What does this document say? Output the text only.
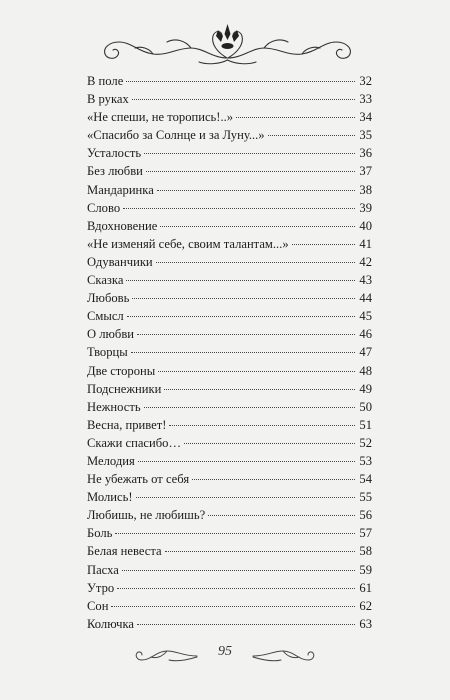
В поле	32
В руках	33
«Не спеши, не торопись!..»	34
«Спасибо за Солнце и за Луну...»	35
Усталость	36
Без любви	37
Мандаринка	38
Слово	39
Вдохновение	40
«Не изменяй себе, своим талантам...»	41
Одуванчики	42
Сказка	43
Любовь	44
Смысл	45
О любви	46
Творцы	47
Две стороны	48
Подснежники	49
Нежность	50
Весна, привет!	51
Скажи спасибо…	52
Мелодия	53
Не убежать от себя	54
Молись!	55
Любишь, не любишь?	56
Боль	57
Белая невеста	58
Пасха	59
Утро	61
Сон	62
Колючка	63
95
